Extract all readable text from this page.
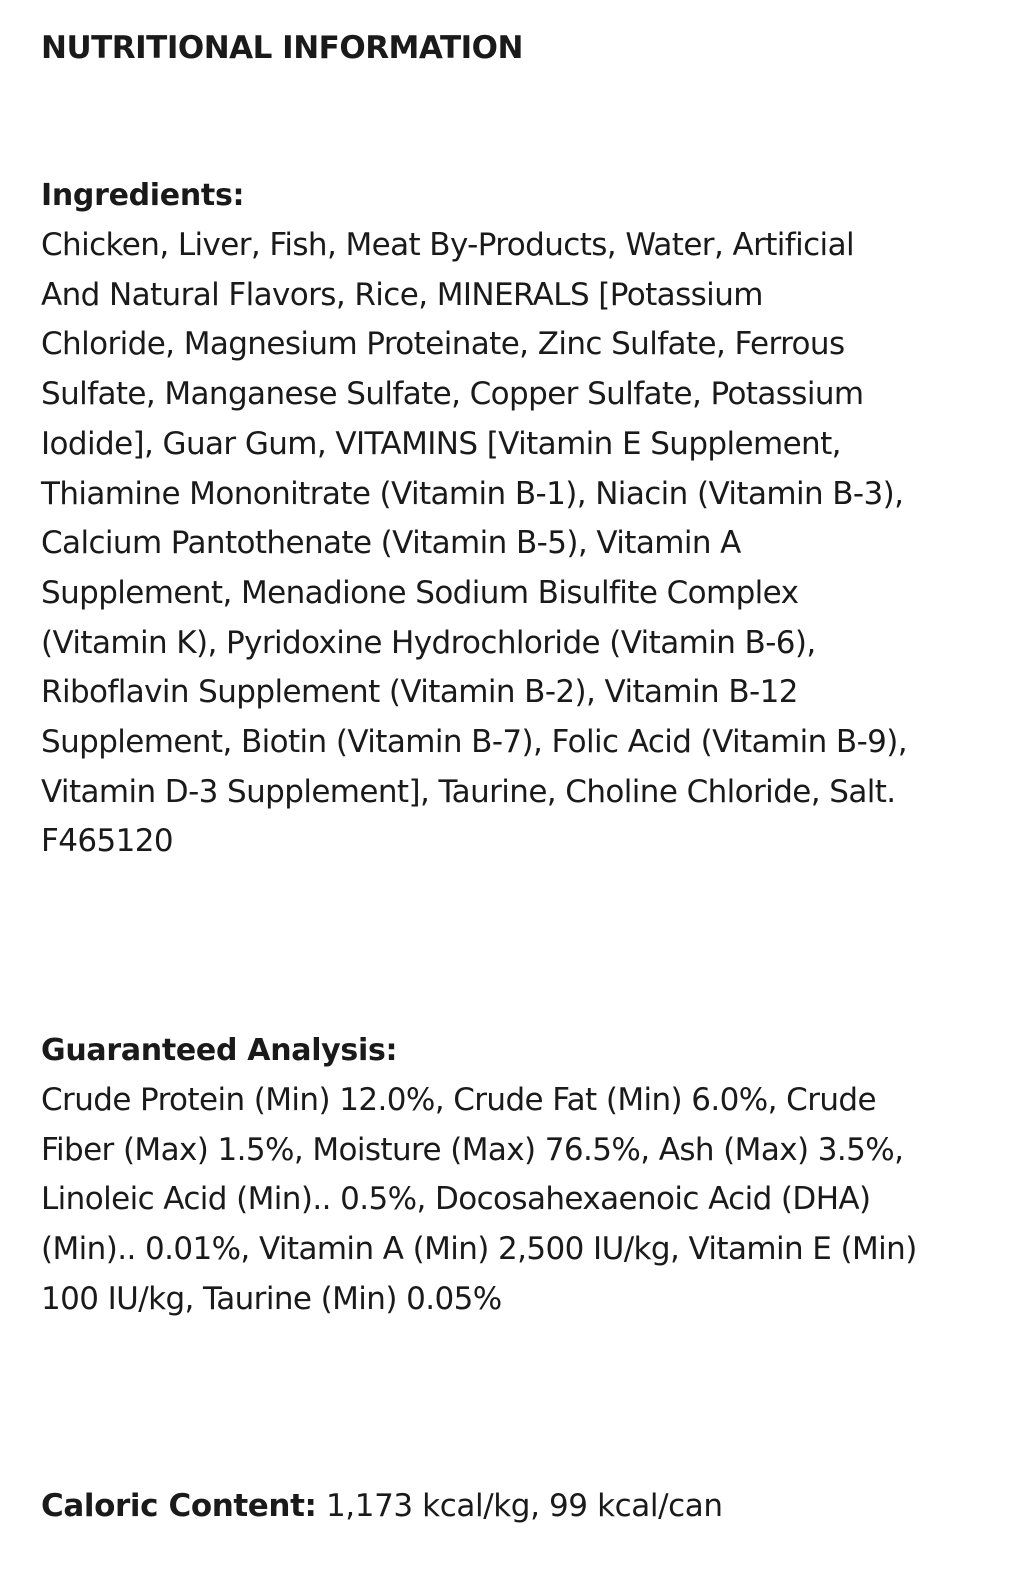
NUTRITIONAL INFORMATION
Ingredients:
Chicken, Liver, Fish, Meat By-Products, Water, Artificial
And Natural Flavors, Rice, MINERALS [Potassium
Chloride, Magnesium Proteinate, Zinc Sulfate, Ferrous
Sulfate, Manganese Sulfate, Copper Sulfate, Potassium
Iodide], Guar Gum, VITAMINS [Vitamin E Supplement,
Thiamine Mononitrate (Vitamin B-1), Niacin (Vitamin B-3),
Calcium Pantothenate (Vitamin B-5), Vitamin A
Supplement, Menadione Sodium Bisulfite Complex
(Vitamin K), Pyridoxine Hydrochloride (Vitamin B-6),
Riboflavin Supplement (Vitamin B-2), Vitamin B-12
Supplement, Biotin (Vitamin B-7), Folic Acid (Vitamin B-9),
Vitamin D-3 Supplement], Taurine, Choline Chloride, Salt.
F465120
Guaranteed Analysis:
Crude Protein (Min) 12.0%, Crude Fat (Min) 6.0%, Crude
Fiber (Max) 1.5%, Moisture (Max) 76.5%, Ash (Max) 3.5%,
Linoleic Acid (Min).. 0.5%, Docosahexaenoic Acid (DHA)
(Min).. 0.01%, Vitamin A (Min) 2,500 IU/kg, Vitamin E (Min)
100 IU/kg, Taurine (Min) 0.05%
Caloric Content: 1,173 kcal/kg, 99 kcal/can
